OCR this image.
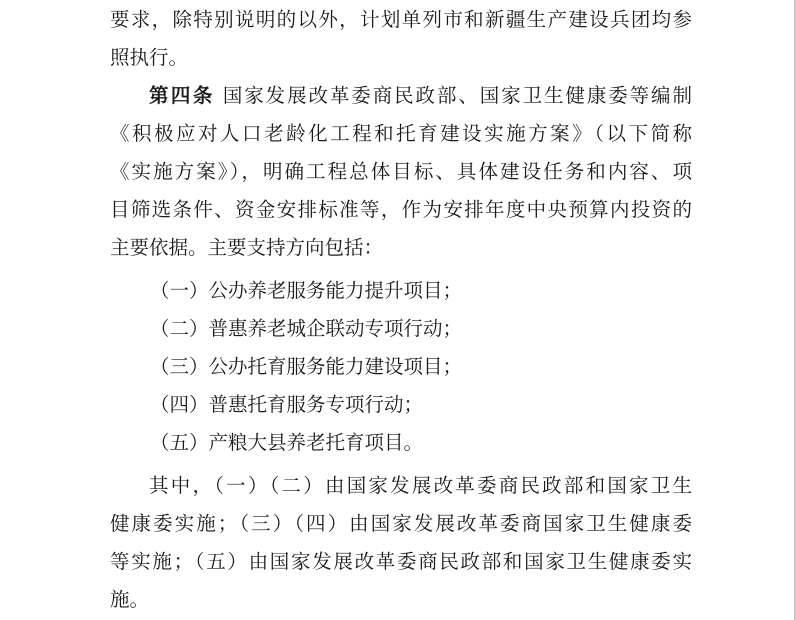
要求，除特别说明的以外，计划单列市和新疆生产建设兵团均参
照执行。
第四条 国家发展改革委商民政部、国家卫生健康委等编制
《积极应对人口老龄化工程和托育建设实施方案》（以下简称
《实施方案》），明确工程总体目标、具体建设任务和内容、项
目筛选条件、资金安排标准等，作为安排年度中央预算内投资的
主要依据。主要支持方向包括：
（一）公办养老服务能力提升项目；
（二）普惠养老城企联动专项行动；
（三）公办托育服务能力建设项目；
（四）普惠托育服务专项行动；
（五）产粮大县养老托育项目。
其中，（一）（二）由国家发展改革委商民政部和国家卫生
健康委实施；（三）（四）由国家发展改革委商国家卫生健康委
等实施；（五）由国家发展改革委商民政部和国家卫生健康委实
施。
